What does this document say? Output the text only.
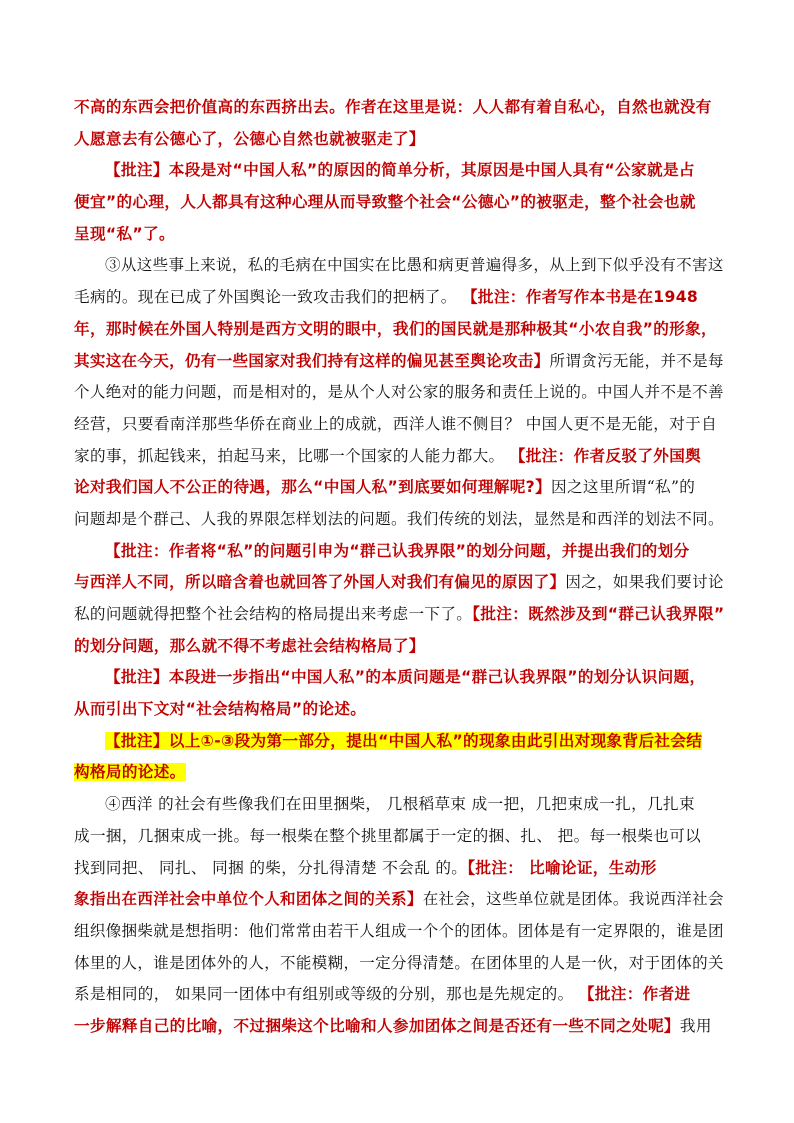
不高的东西会把价值高的东西挤出去。作者在这里是说：人人都有着自私心，自然也就没有
人愿意去有公德心了，公德心自然也就被驱走了】
【批注】本段是对“中国人私”的原因的简单分析，其原因是中国人具有“公家就是占
便宜”的心理，人人都具有这种心理从而导致整个社会“公德心”的被驱走，整个社会也就
呈现“私”了。
③从这些事上来说，私的毛病在中国实在比愚和病更普遍得多，从上到下似乎没有不害这
毛病的。现在已成了外国舆论一致攻击我们的把柄了。 【批注：作者写作本书是在1948
年，那时候在外国人特别是西方文明的眼中，我们的国民就是那种极其“小农自我”的形象，
其实这在今天，仍有一些国家对我们持有这样的偏见甚至舆论攻击】所谓贪污无能，并不是每
个人绝对的能力问题，而是相对的，是从个人对公家的服务和责任上说的。中国人并不是不善
经营，只要看南洋那些华侨在商业上的成就，西洋人谁不侧目？ 中国人更不是无能，对于自
家的事，抓起钱来，拍起马来，比哪一个国家的人能力都大。 【批注：作者反驳了外国舆
论对我们国人不公正的待遇，那么“中国人私”到底要如何理解呢?】因之这里所谓“私”的
问题却是个群己、人我的界限怎样划法的问题。我们传统的划法，显然是和西洋的划法不同。
【批注：作者将“私”的问题引申为“群己认我界限”的划分问题，并提出我们的划分
与西洋人不同，所以暗含着也就回答了外国人对我们有偏见的原因了】因之，如果我们要讨论
私的问题就得把整个社会结构的格局提出来考虑一下了。【批注：既然涉及到“群己认我界限”
的划分问题，那么就不得不考虑社会结构格局了】
【批注】本段进一步指出“中国人私”的本质问题是“群己认我界限”的划分认识问题，
从而引出下文对“社会结构格局”的论述。
【批注】以上①-③段为第一部分，提出“中国人私”的现象由此引出对现象背后社会结
构格局的论述。
④西洋 的社会有些像我们在田里捆柴， 几根稻草束 成一把，几把束成一扎，几扎束
成一捆，几捆束成一挑。每一根柴在整个挑里都属于一定的捆、扎、 把。每一根柴也可以
找到同把、 同扎、 同捆 的柴，分扎得清楚 不会乱 的。【批注： 比喻论证，生动形
象指出在西洋社会中单位个人和团体之间的关系】在社会，这些单位就是团体。我说西洋社会
组织像捆柴就是想指明：他们常常由若干人组成一个个的团体。团体是有一定界限的，谁是团
体里的人，谁是团体外的人，不能模糊，一定分得清楚。在团体里的人是一伙，对于团体的关
系是相同的， 如果同一团体中有组别或等级的分别，那也是先规定的。 【批注：作者进
一步解释自己的比喻，不过捆柴这个比喻和人参加团体之间是否还有一些不同之处呢】我用
